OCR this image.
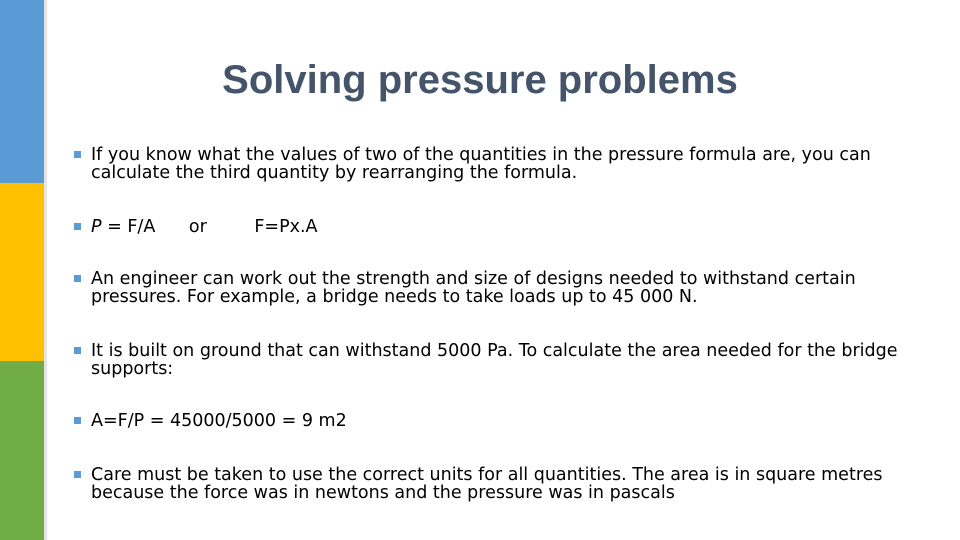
Solving pressure problems
If you know what the values of two of the quantities in the pressure formula are, you can calculate the third quantity by rearranging the formula.
P = F/A or	F=Px.A
An engineer can work out the strength and size of designs needed to withstand certain pressures. For example, a bridge needs to take loads up to 45 000 N.
It is built on ground that can withstand 5000 Pa. To calculate the area needed for the bridge supports:
A=F/P = 45000/5000 = 9 m2
Care must be taken to use the correct units for all quantities. The area is in square metres because the force was in newtons and the pressure was in pascals
